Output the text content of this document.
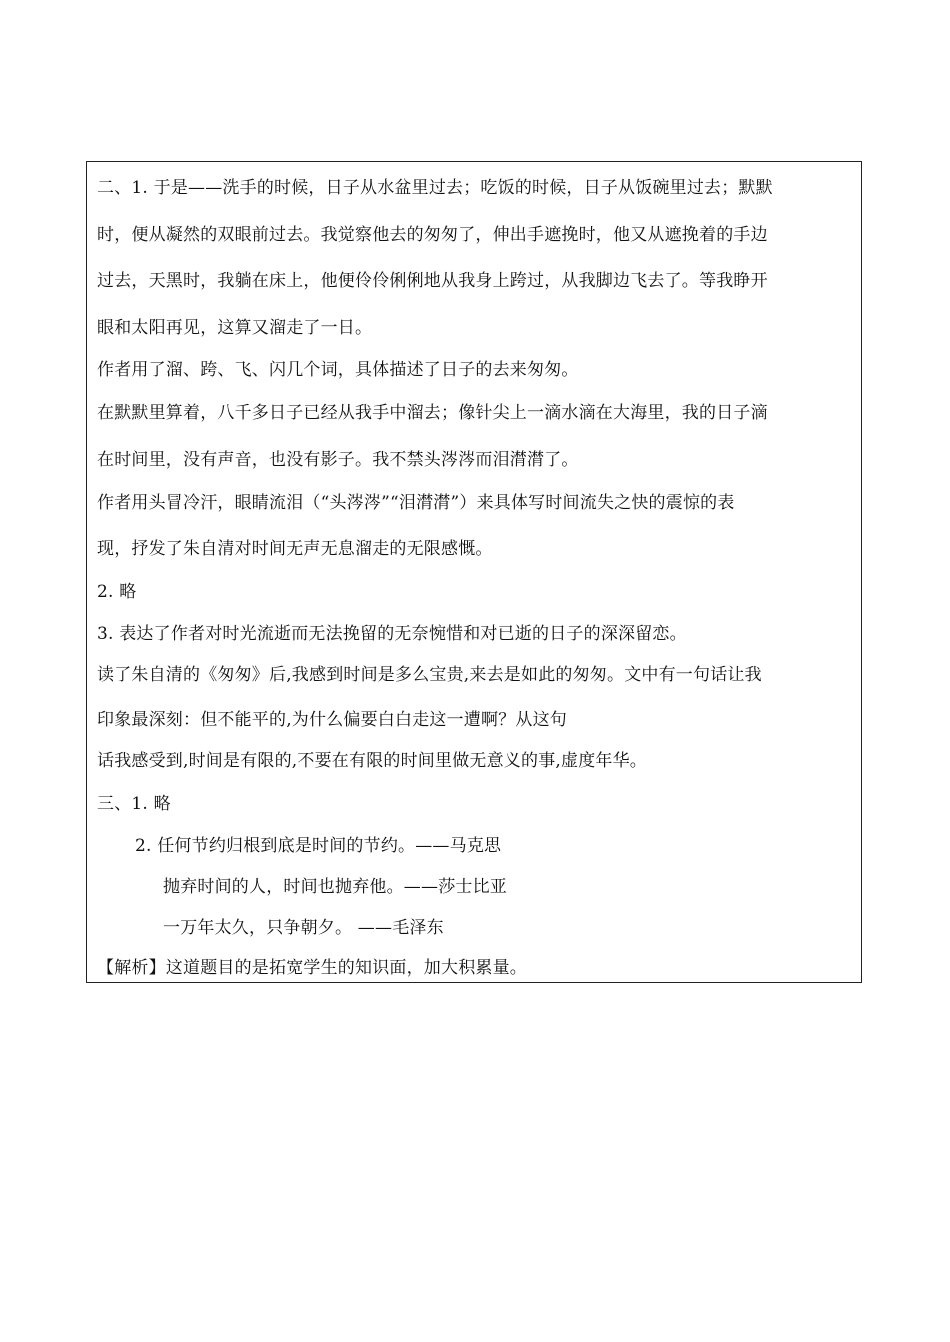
二、1. 于是——洗手的时候，日子从水盆里过去；吃饭的时候，日子从饭碗里过去；默默
时，便从凝然的双眼前过去。我觉察他去的匆匆了，伸出手遮挽时，他又从遮挽着的手边
过去，天黑时，我躺在床上，他便伶伶俐俐地从我身上跨过，从我脚边飞去了。等我睁开
眼和太阳再见，这算又溜走了一日。
作者用了溜、跨、飞、闪几个词，具体描述了日子的去来匆匆。
在默默里算着，八千多日子已经从我手中溜去；像针尖上一滴水滴在大海里，我的日子滴
在时间里，没有声音，也没有影子。我不禁头涔涔而泪潸潸了。
作者用头冒冷汗，眼睛流泪（“头涔涔”“泪潸潸”）来具体写时间流失之快的震惊的表
现，抒发了朱自清对时间无声无息溜走的无限感慨。
2. 略
3. 表达了作者对时光流逝而无法挽留的无奈惋惜和对已逝的日子的深深留恋。
读了朱自清的《匆匆》后,我感到时间是多么宝贵,来去是如此的匆匆。文中有一句话让我
印象最深刻：但不能平的,为什么偏要白白走这一遭啊？从这句
话我感受到,时间是有限的,不要在有限的时间里做无意义的事,虚度年华。
三、1. 略
2. 任何节约归根到底是时间的节约。——马克思
抛弃时间的人，时间也抛弃他。——莎士比亚
一万年太久，只争朝夕。 ——毛泽东
【解析】这道题目的是拓宽学生的知识面，加大积累量。
